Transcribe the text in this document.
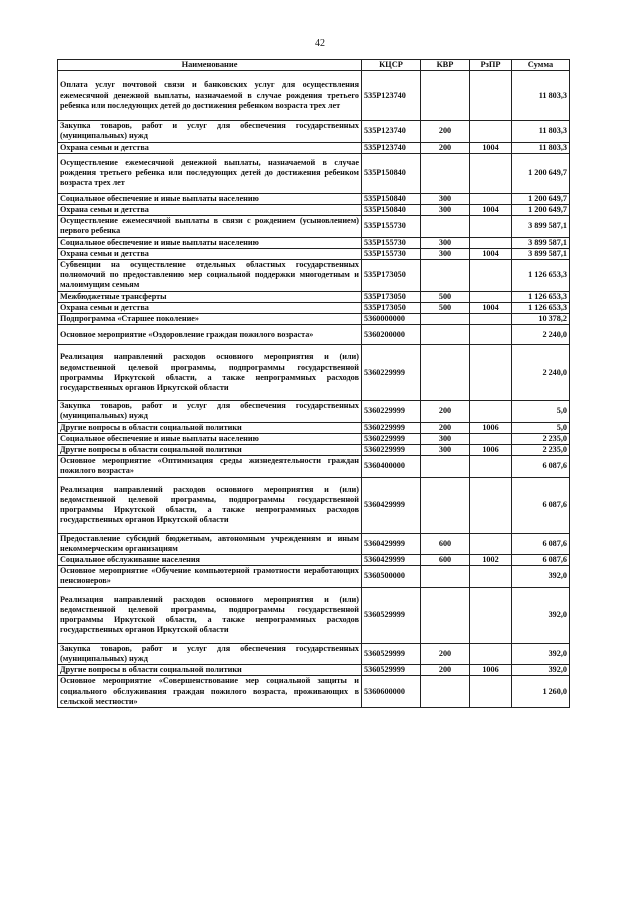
42
Наименование	КЦСР	КВР	РзПР	Сумма
Оплата услуг почтовой связи и банковских услуг для осуществления ежемесячной денежной выплаты, назначаемой в случае рождения третьего ребенка или последующих детей до достижения ребенком возраста трех лет	535Р123740			11 803,3
Закупка товаров, работ и услуг для обеспечения государственных (муниципальных) нужд	535Р123740	200		11 803,3
Охрана семьи и детства	535Р123740	200	1004	11 803,3
Осуществление ежемесячной денежной выплаты, назначаемой в случае рождения третьего ребенка или последующих детей до достижения ребенком возраста трех лет	535Р150840			1 200 649,7
Социальное обеспечение и иные выплаты населению	535Р150840	300		1 200 649,7
Охрана семьи и детства	535Р150840	300	1004	1 200 649,7
Осуществление ежемесячной выплаты в связи с рождением (усыновлением) первого ребенка	535Р155730			3 899 587,1
Социальное обеспечение и иные выплаты населению	535Р155730	300		3 899 587,1
Охрана семьи и детства	535Р155730	300	1004	3 899 587,1
Субвенции на осуществление отдельных областных государственных полномочий по предоставлению мер социальной поддержки многодетным и малоимущим семьям	535Р173050			1 126 653,3
Межбюджетные трансферты	535Р173050	500		1 126 653,3
Охрана семьи и детства	535Р173050	500	1004	1 126 653,3
Подпрограмма «Старшее поколение»	5360000000			10 378,2
Основное мероприятие «Оздоровление граждан пожилого возраста»	5360200000			2 240,0
Реализация направлений расходов основного мероприятия и (или) ведомственной целевой программы, подпрограммы государственной программы Иркутской области, а также непрограммных расходов государственных органов Иркутской области	5360229999			2 240,0
Закупка товаров, работ и услуг для обеспечения государственных (муниципальных) нужд	5360229999	200		5,0
Другие вопросы в области социальной политики	5360229999	200	1006	5,0
Социальное обеспечение и иные выплаты населению	5360229999	300		2 235,0
Другие вопросы в области социальной политики	5360229999	300	1006	2 235,0
Основное мероприятие «Оптимизация среды жизнедеятельности граждан пожилого возраста»	5360400000			6 087,6
Реализация направлений расходов основного мероприятия и (или) ведомственной целевой программы, подпрограммы государственной программы Иркутской области, а также непрограммных расходов государственных органов Иркутской области	5360429999			6 087,6
Предоставление субсидий бюджетным, автономным учреждениям и иным некоммерческим организациям	5360429999	600		6 087,6
Социальное обслуживание населения	5360429999	600	1002	6 087,6
Основное мероприятие «Обучение компьютерной грамотности неработающих пенсионеров»	5360500000			392,0
Реализация направлений расходов основного мероприятия и (или) ведомственной целевой программы, подпрограммы государственной программы Иркутской области, а также непрограммных расходов государственных органов Иркутской области	5360529999			392,0
Закупка товаров, работ и услуг для обеспечения государственных (муниципальных) нужд	5360529999	200		392,0
Другие вопросы в области социальной политики	5360529999	200	1006	392,0
Основное мероприятие «Совершенствование мер социальной защиты и социального обслуживания граждан пожилого возраста, проживающих в сельской местности»	5360600000			1 260,0
